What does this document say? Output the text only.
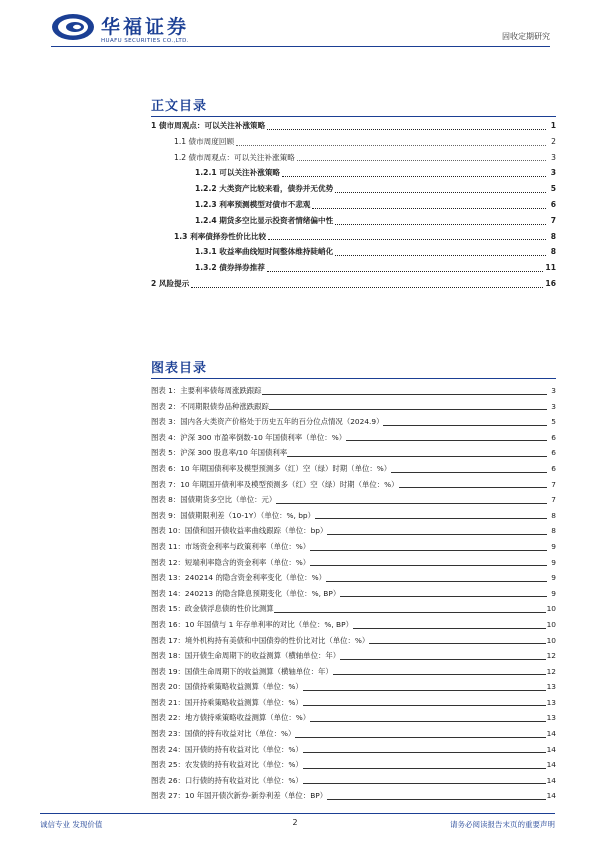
华福证券
HUAFU SECURITIES CO.,LTD.	固收定期研究
正文目录
1 债市周观点：可以关注补涨策略	1
1.1 债市周度回顾	2
1.2 债市周观点：可以关注补涨策略	3
1.2.1 可以关注补涨策略	3
1.2.2 大类资产比较来看，债券并无优势	5
1.2.3 利率预测模型对债市不悲观	6
1.2.4 期货多空比显示投资者情绪偏中性	7
1.3 利率债择券性价比比较	8
1.3.1 收益率曲线短时间整体维持陡峭化	8
1.3.2 债券择券推荐	11
2 风险提示	16
图表目录
图表 1：主要利率债每周涨跌跟踪	3
图表 2：不同期限债券品种涨跌跟踪	3
图表 3：国内各大类资产价格处于历史五年的百分位点情况（2024.9）	5
图表 4：沪深 300 市盈率倒数-10 年国债利率（单位：%）	6
图表 5：沪深 300 股息率/10 年国债利率	6
图表 6：10 年期国债利率及模型预测多（红）空（绿）时期（单位：%）	6
图表 7：10 年期国开债利率及模型预测多（红）空（绿）时期（单位：%）	7
图表 8：国债期货多空比（单位：元）	7
图表 9：国债期限利差（10-1Y）（单位：%, bp）	8
图表 10：国债和国开债收益率曲线跟踪（单位：bp）	8
图表 11：市场资金利率与政策利率（单位：%）	9
图表 12：短端利率隐含的资金利率（单位：%）	9
图表 13：240214 的隐含资金利率变化（单位：%）	9
图表 14：240213 的隐含降息预期变化（单位：%, BP）	9
图表 15：政金债浮息债的性价比测算	10
图表 16：10 年国债与 1 年存单利率的对比（单位：%, BP）	10
图表 17：境外机构持有美债和中国债券的性价比对比（单位：%）	10
图表 18：国开债生命周期下的收益测算（横轴单位：年）	12
图表 19：国债生命周期下的收益测算（横轴单位：年）	12
图表 20：国债持乘策略收益测算（单位：%）	13
图表 21：国开持乘策略收益测算（单位：%）	13
图表 22：地方债持乘策略收益测算（单位：%）	13
图表 23：国债的持有收益对比（单位：%）	14
图表 24：国开债的持有收益对比（单位：%）	14
图表 25：农发债的持有收益对比（单位：%）	14
图表 26：口行债的持有收益对比（单位：%）	14
图表 27：10 年国开债次新券-新券利差（单位：BP）	14
诚信专业 发现价值	2	请务必阅读报告末页的重要声明
